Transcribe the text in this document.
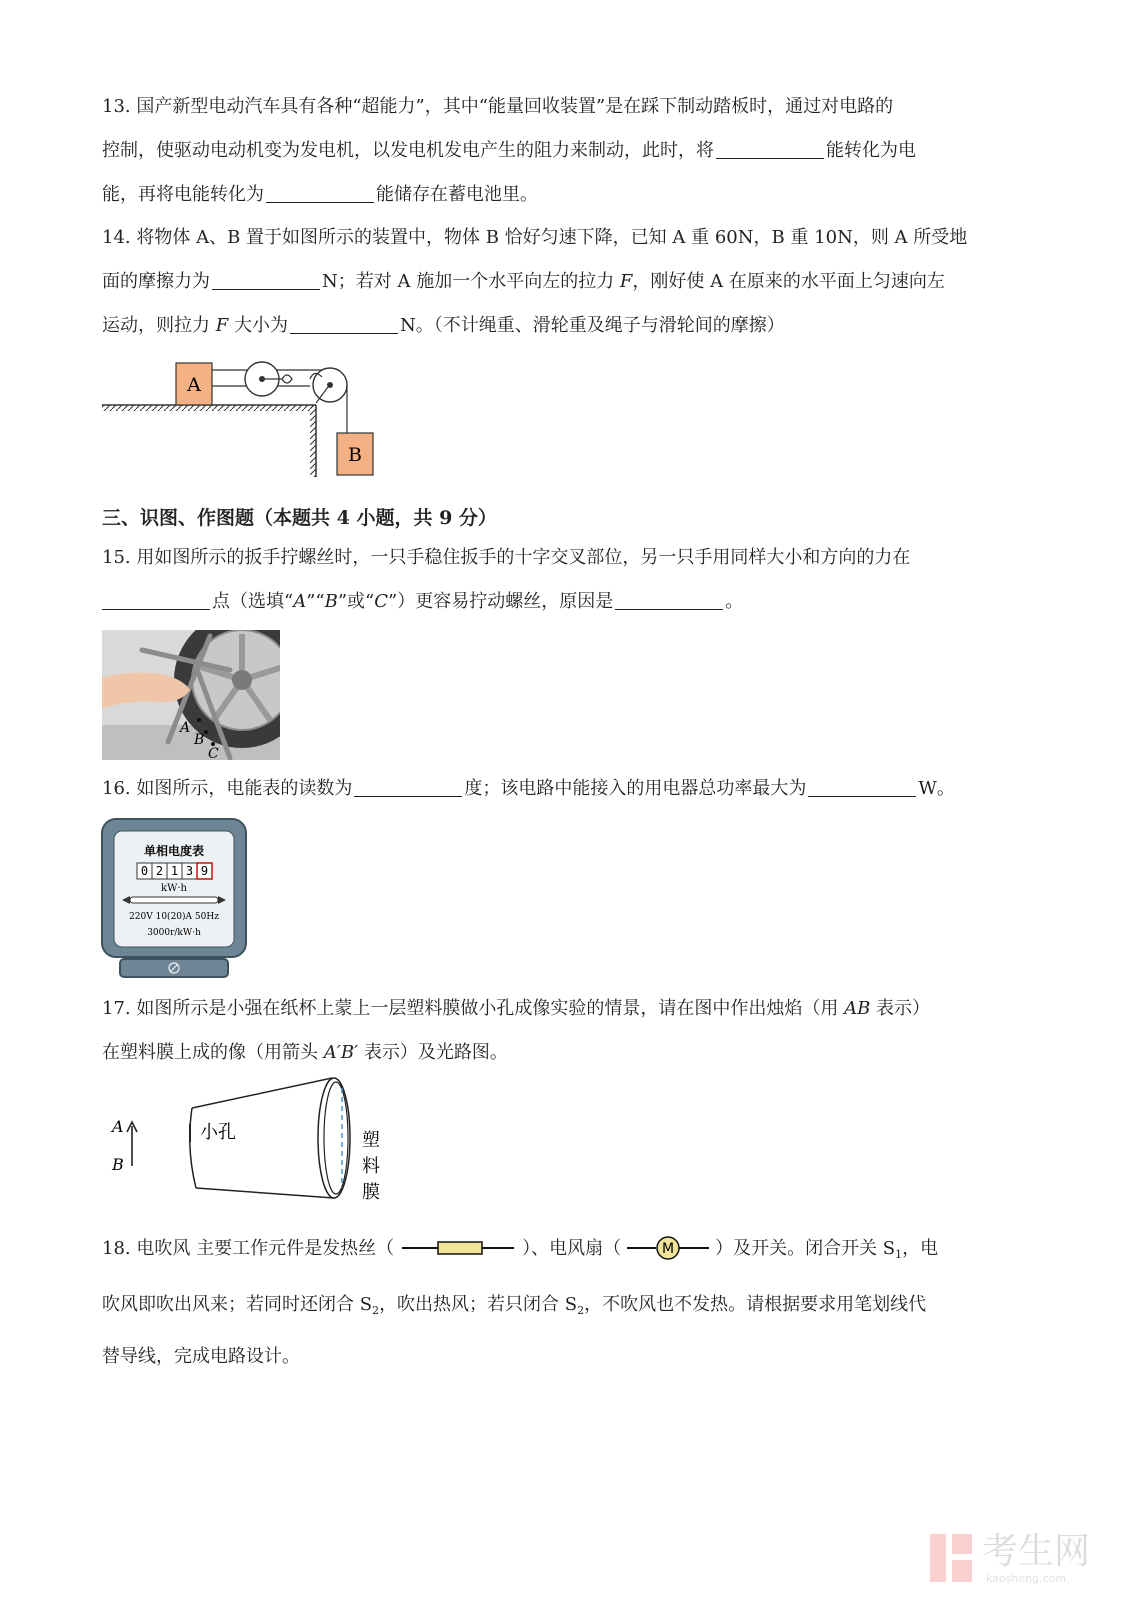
13. 国产新型电动汽车具有各种“超能力”，其中“能量回收装置”是在踩下制动踏板时，通过对电路的
控制，使驱动电动机变为发电机，以发电机发电产生的阻力来制动，此时，将	能转化为电
能，再将电能转化为	能储存在蓄电池里。
14. 将物体 A、B 置于如图所示的装置中，物体 B 恰好匀速下降，已知 A 重 60N，B 重 10N，则 A 所受地
面的摩擦力为	N；若对 A 施加一个水平向左的拉力 F，刚好使 A 在原来的水平面上匀速向左
运动，则拉力 F 大小为	N。（不计绳重、滑轮重及绳子与滑轮间的摩擦）
A
B
三、识图、作图题（本题共 4 小题，共 9 分）
15. 用如图所示的扳手拧螺丝时，一只手稳住扳手的十字交叉部位，另一只手用同样大小和方向的力在
点（选填“A”“B”或“C”）更容易拧动螺丝，原因是	。
A
B
C
16. 如图所示，电能表的读数为	度；该电路中能接入的用电器总功率最大为	W。
单相电度表
0 2 1 3 9
kW·h
220V 10(20)A 50Hz
3000r/kW·h
17. 如图所示是小强在纸杯上蒙上一层塑料膜做小孔成像实验的情景，请在图中作出烛焰（用 AB 表示）
在塑料膜上成的像（用箭头 A′B′ 表示）及光路图。
A
B
小孔	塑
料
膜
18. 电吹风 主要工作元件是发热丝（	）、电风扇（	M ）及开关。闭合开关 $S_1$，电
吹风即吹出风来；若同时还闭合 $S_2$，吹出热风；若只闭合 $S_2$，不吹风也不发热。请根据要求用笔划线代
替导线，完成电路设计。
考生网
kaosheng.com
